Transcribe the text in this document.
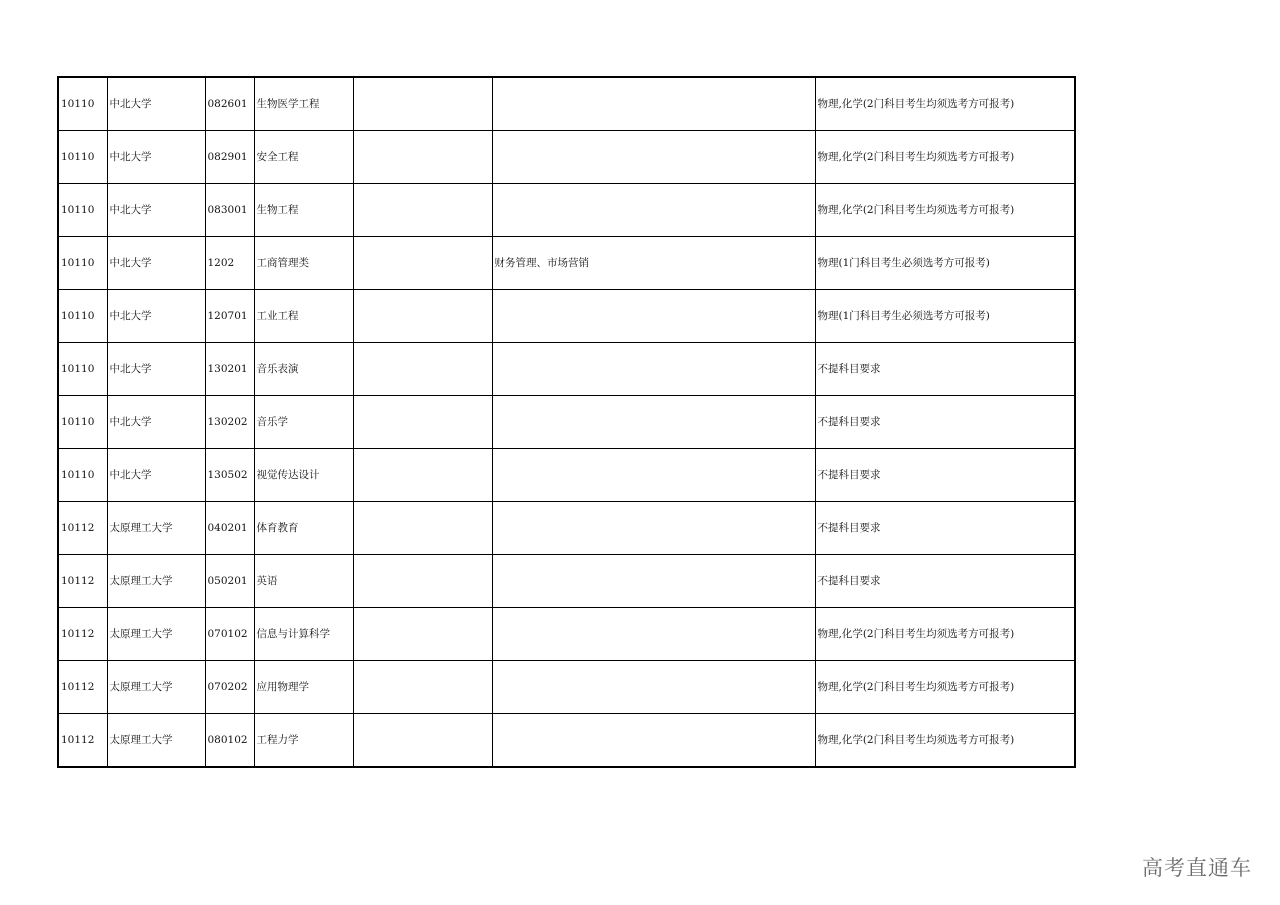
10110	中北大学	082601	生物医学工程			物理,化学(2门科目考生均须选考方可报考)
10110	中北大学	082901	安全工程			物理,化学(2门科目考生均须选考方可报考)
10110	中北大学	083001	生物工程			物理,化学(2门科目考生均须选考方可报考)
10110	中北大学	1202	工商管理类		财务管理、市场营销	物理(1门科目考生必须选考方可报考)
10110	中北大学	120701	工业工程			物理(1门科目考生必须选考方可报考)
10110	中北大学	130201	音乐表演			不提科目要求
10110	中北大学	130202	音乐学			不提科目要求
10110	中北大学	130502	视觉传达设计			不提科目要求
10112	太原理工大学	040201	体育教育			不提科目要求
10112	太原理工大学	050201	英语			不提科目要求
10112	太原理工大学	070102	信息与计算科学			物理,化学(2门科目考生均须选考方可报考)
10112	太原理工大学	070202	应用物理学			物理,化学(2门科目考生均须选考方可报考)
10112	太原理工大学	080102	工程力学			物理,化学(2门科目考生均须选考方可报考)
高考直通车
